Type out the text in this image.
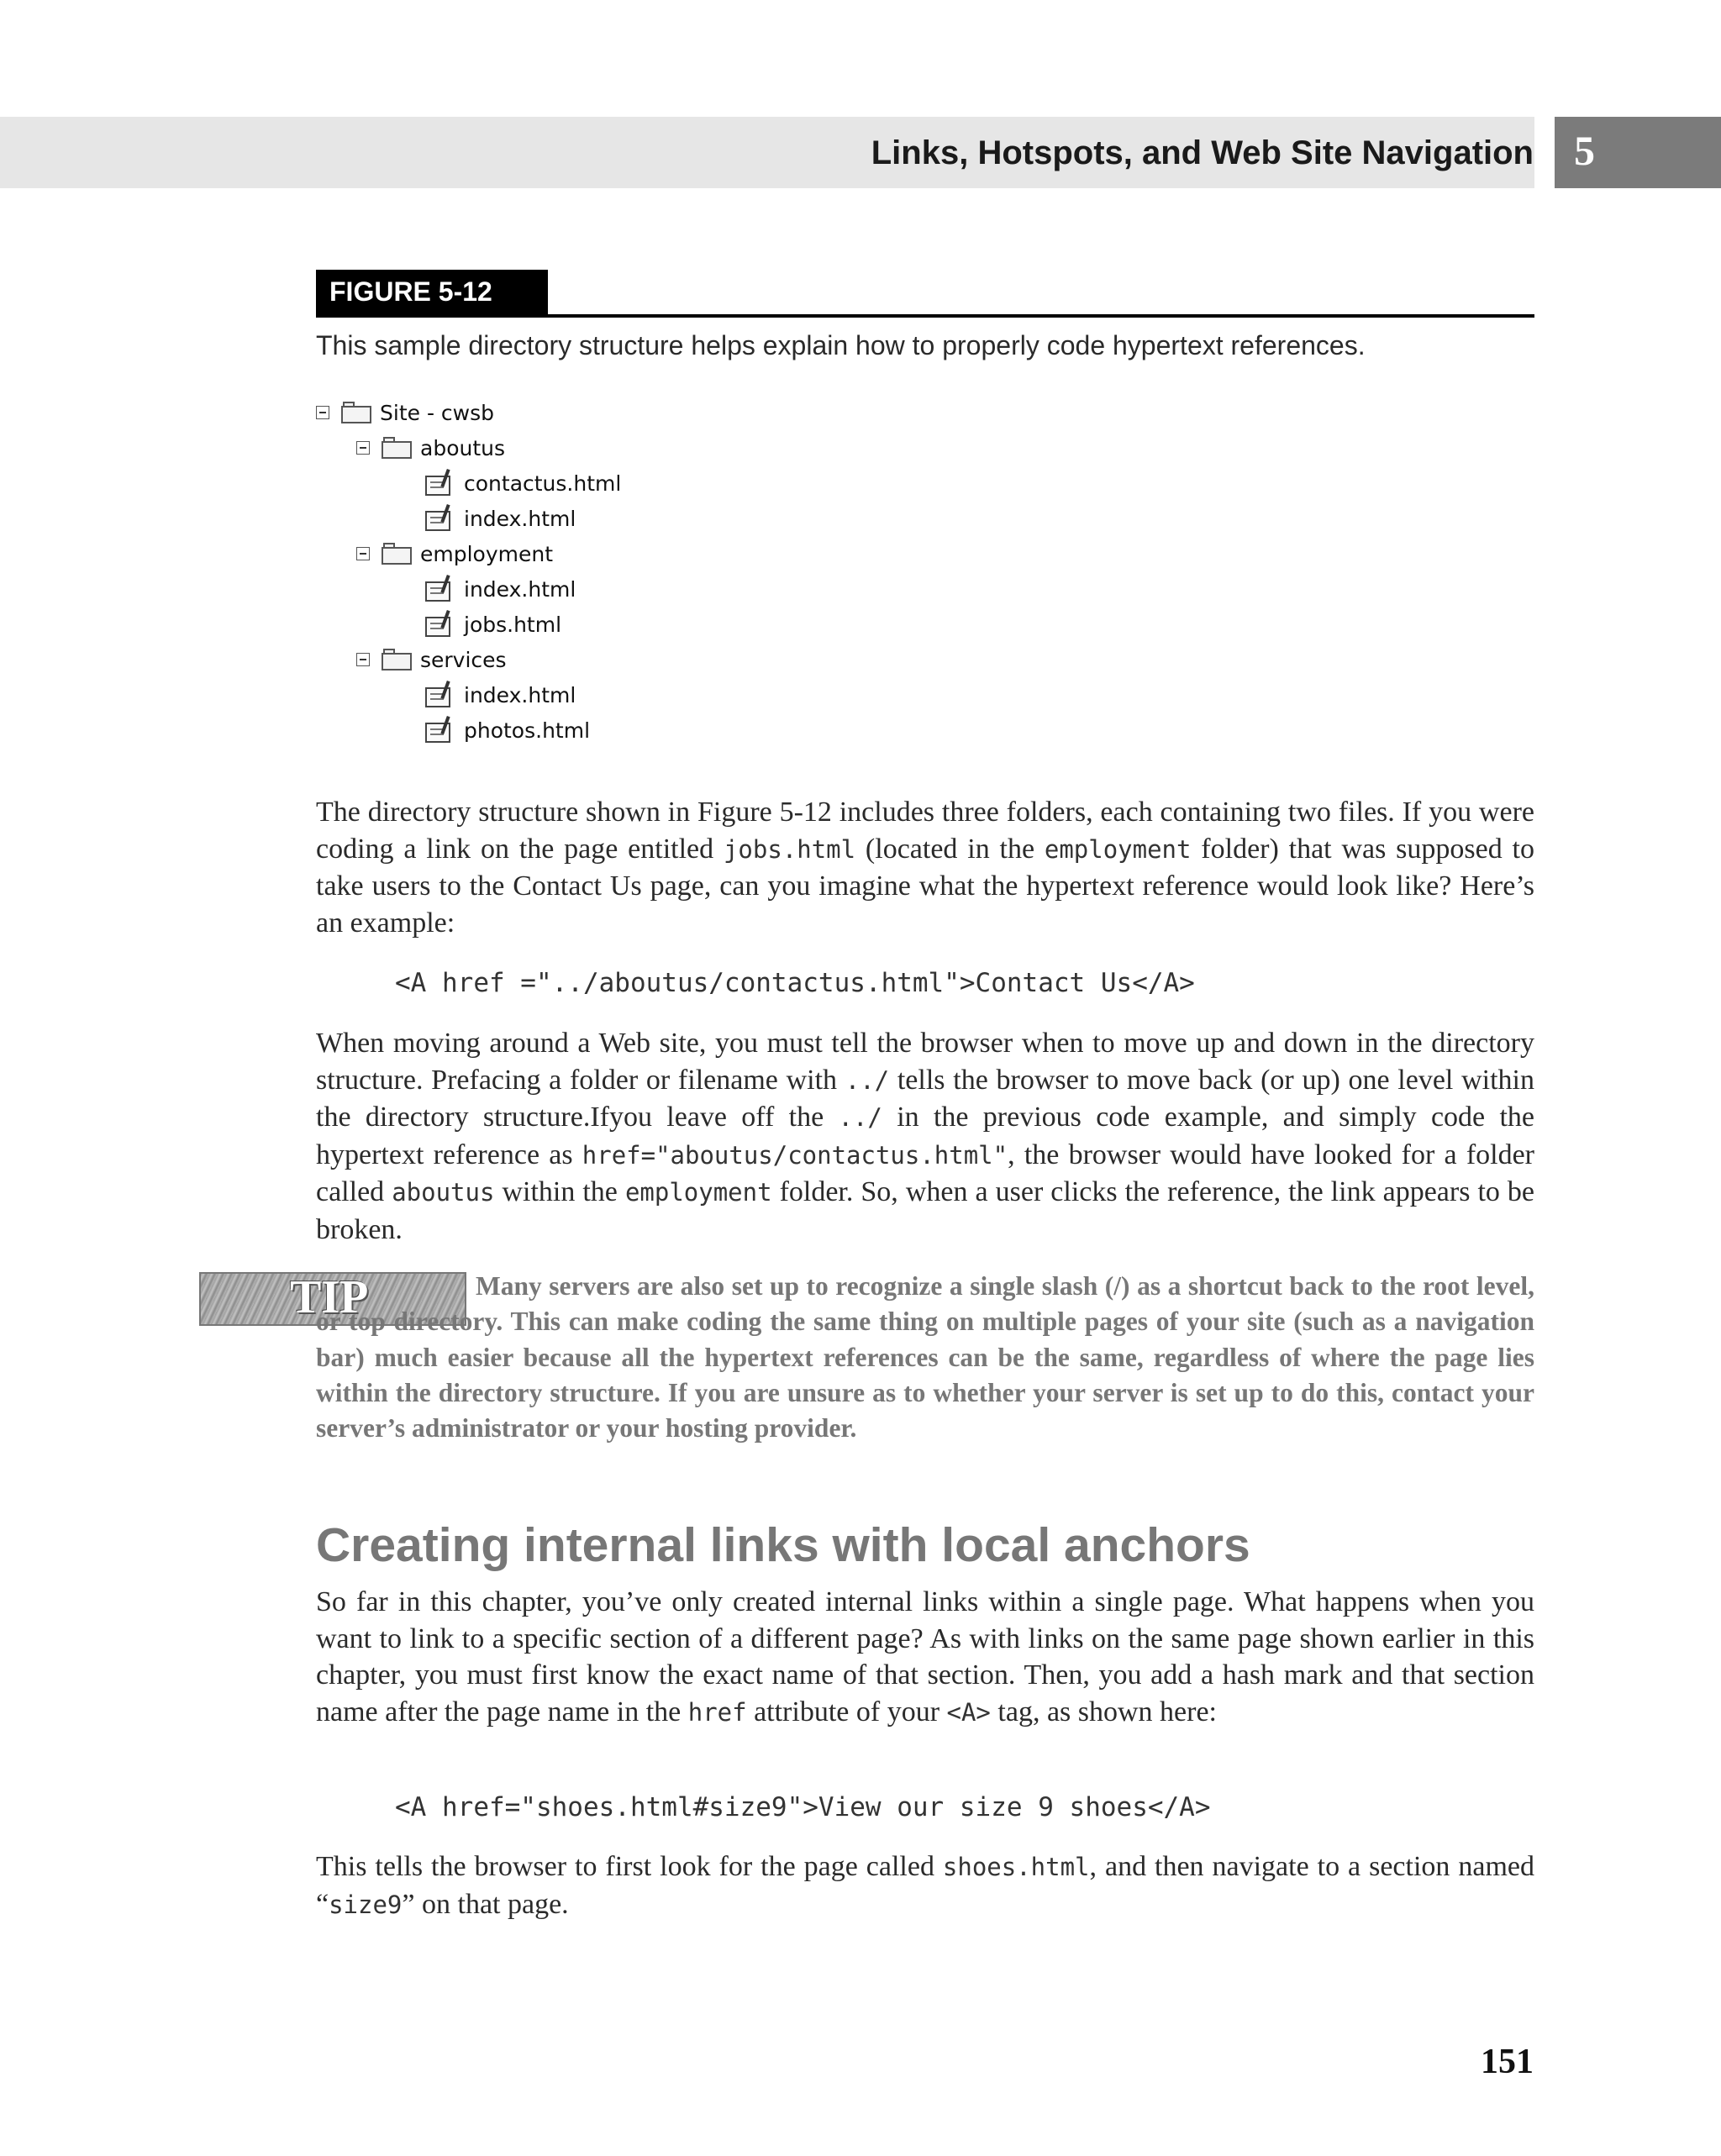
Links, Hotspots, and Web Site Navigation 5
FIGURE 5-12
This sample directory structure helps explain how to properly code hypertext references.
Site - cwsb
aboutus
contactus.html
index.html
employment
index.html
jobs.html
services
index.html
photos.html
The directory structure shown in Figure 5-12 includes three folders, each containing two files. If you were coding a link on the page entitled jobs.html (located in the employment folder) that was supposed to take users to the Contact Us page, can you imagine what the hypertext reference would look like? Here’s an example:
<A href ="../aboutus/contactus.html">Contact Us</A>
When moving around a Web site, you must tell the browser when to move up and down in the directory structure. Prefacing a folder or filename with ../ tells the browser to move back (or up) one level within the directory structure.Ifyou leave off the ../ in the previous code example, and simply code the hypertext reference as href="aboutus/contactus.html", the browser would have looked for a folder called aboutus within the employment folder. So, when a user clicks the reference, the link appears to be broken.
TIP	Many servers are also set up to recognize a single slash (/) as a shortcut back to the root level, or top directory. This can make coding the same thing on multiple pages of your site (such as a navigation bar) much easier because all the hypertext references can be the same, regardless of where the page lies within the directory structure. If you are unsure as to whether your server is set up to do this, contact your server’s administrator or your hosting provider.
Creating internal links with local anchors
So far in this chapter, you’ve only created internal links within a single page. What happens when you want to link to a specific section of a different page? As with links on the same page shown earlier in this chapter, you must first know the exact name of that section. Then, you add a hash mark and that section name after the page name in the href attribute of your <A> tag, as shown here:
<A href="shoes.html#size9">View our size 9 shoes</A>
This tells the browser to first look for the page called shoes.html, and then navigate to a section named “size9” on that page.
151
